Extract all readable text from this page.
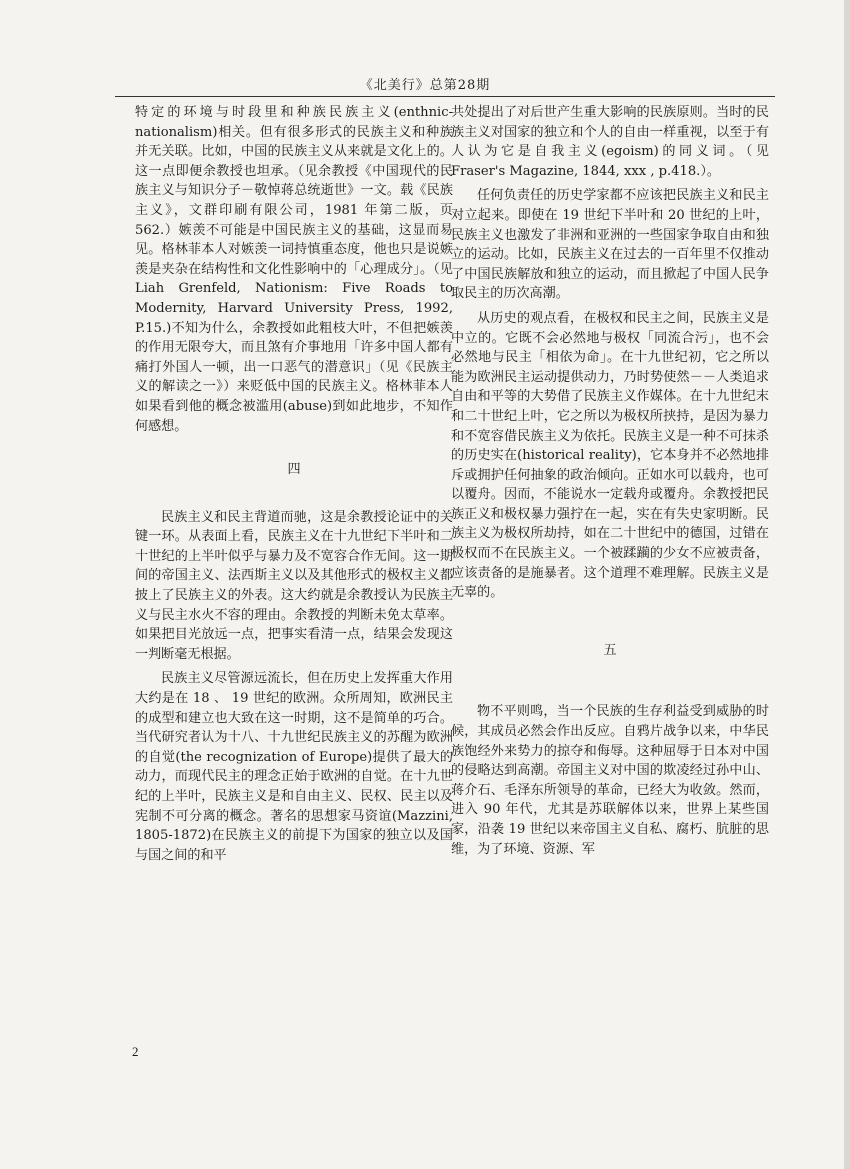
《北美行》总第28期

特定的环境与时段里和种族民族主义(enthnic-nationalism)相关。但有很多形式的民族主义和种族并无关联。比如，中国的民族主义从来就是文化上的。这一点即便余教授也坦承。（见余教授《中国现代的民族主义与知识分子－敬悼蒋总统逝世》一文。载《民族主义》，文群印刷有限公司，1981 年第二版，页 562.）嫉羡不可能是中国民族主义的基础，这显而易见。格林菲本人对嫉羡一词持慎重态度，他也只是说嫉羡是夹杂在结构性和文化性影响中的「心理成分」。（见 Liah Grenfeld, Nationism: Five Roads to Modernity, Harvard University Press, 1992, P.15.)不知为什么，余教授如此粗枝大叶，不但把嫉羡的作用无限夸大，而且煞有介事地用「许多中国人都有痛打外国人一顿，出一口恶气的潜意识」（见《民族主义的解读之一》）来贬低中国的民族主义。格林菲本人如果看到他的概念被滥用(abuse)到如此地步，不知作何感想。

四

民族主义和民主背道而驰，这是余教授论证中的关键一环。从表面上看，民族主义在十九世纪下半叶和二十世纪的上半叶似乎与暴力及不宽容合作无间。这一期间的帝国主义、法西斯主义以及其他形式的极权主义都披上了民族主义的外表。这大约就是余教授认为民族主义与民主水火不容的理由。余教授的判断未免太草率。如果把目光放远一点，把事实看清一点，结果会发现这一判断毫无根据。

民族主义尽管源远流长，但在历史上发挥重大作用大约是在 18 、 19 世纪的欧洲。众所周知，欧洲民主的成型和建立也大致在这一时期，这不是简单的巧合。当代研究者认为十八、十九世纪民族主义的苏醒为欧洲的自觉(the recognization of Europe)提供了最大的动力，而现代民主的理念正始于欧洲的自觉。在十九世纪的上半叶，民族主义是和自由主义、民权、民主以及宪制不可分离的概念。著名的思想家马资谊(Mazzini, 1805-1872)在民族主义的前提下为国家的独立以及国与国之间的和平

共处提出了对后世产生重大影响的民族原则。当时的民族主义对国家的独立和个人的自由一样重视，以至于有人认为它是自我主义(egoism)的同义词。（见 Fraser's Magazine, 1844, xxx , p.418.）。

任何负责任的历史学家都不应该把民族主义和民主对立起来。即使在 19 世纪下半叶和 20 世纪的上叶，民族主义也激发了非洲和亚洲的一些国家争取自由和独立的运动。比如，民族主义在过去的一百年里不仅推动了中国民族解放和独立的运动，而且掀起了中国人民争取民主的历次高潮。

从历史的观点看，在极权和民主之间，民族主义是中立的。它既不会必然地与极权「同流合污」，也不会必然地与民主「相依为命」。在十九世纪初，它之所以能为欧洲民主运动提供动力，乃时势使然－－人类追求自由和平等的大势借了民族主义作媒体。在十九世纪末和二十世纪上叶，它之所以为极权所挟持，是因为暴力和不宽容借民族主义为依托。民族主义是一种不可抹杀的历史实在(historical reality)，它本身并不必然地排斥或拥护任何抽象的政治倾向。正如水可以载舟，也可以覆舟。因而，不能说水一定载舟或覆舟。余教授把民族正义和极权暴力强拧在一起，实在有失史家明断。民族主义为极权所劫持，如在二十世纪中的德国，过错在极权而不在民族主义。一个被蹂躏的少女不应被责备，应该责备的是施暴者。这个道理不难理解。民族主义是无辜的。

五

物不平则鸣，当一个民族的生存利益受到威胁的时候，其成员必然会作出反应。自鸦片战争以来，中华民族饱经外来势力的掠夺和侮辱。这种屈辱于日本对中国的侵略达到高潮。帝国主义对中国的欺凌经过孙中山、蒋介石、毛泽东所领导的革命，已经大为收敛。然而，进入 90 年代，尤其是苏联解体以来，世界上某些国家，沿袭 19 世纪以来帝国主义自私、腐朽、肮脏的思维，为了环境、资源、军

2
